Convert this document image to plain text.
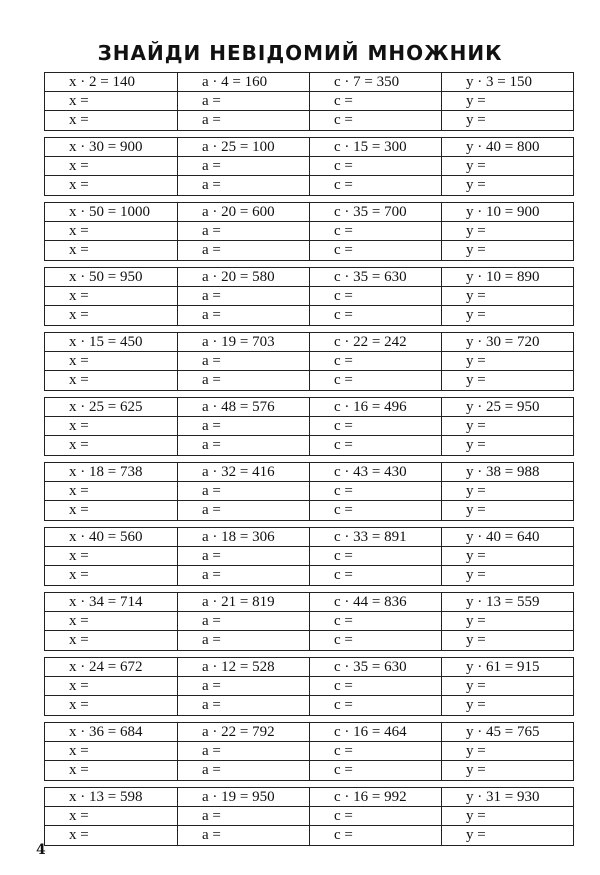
ЗНАЙДИ НЕВІДОМИЙ МНОЖНИК
x · 2 = 140	a · 4 = 160	c · 7 = 350	y · 3 = 150
x =	a =	c =	y =
x =	a =	c =	y =
x · 30 = 900	a · 25 = 100	c · 15 = 300	y · 40 = 800
x =	a =	c =	y =
x =	a =	c =	y =
x · 50 = 1000	a · 20 = 600	c · 35 = 700	y · 10 = 900
x =	a =	c =	y =
x =	a =	c =	y =
x · 50 = 950	a · 20 = 580	c · 35 = 630	y · 10 = 890
x =	a =	c =	y =
x =	a =	c =	y =
x · 15 = 450	a · 19 = 703	c · 22 = 242	y · 30 = 720
x =	a =	c =	y =
x =	a =	c =	y =
x · 25 = 625	a · 48 = 576	c · 16 = 496	y · 25 = 950
x =	a =	c =	y =
x =	a =	c =	y =
x · 18 = 738	a · 32 = 416	c · 43 = 430	y · 38 = 988
x =	a =	c =	y =
x =	a =	c =	y =
x · 40 = 560	a · 18 = 306	c · 33 = 891	y · 40 = 640
x =	a =	c =	y =
x =	a =	c =	y =
x · 34 = 714	a · 21 = 819	c · 44 = 836	y · 13 = 559
x =	a =	c =	y =
x =	a =	c =	y =
x · 24 = 672	a · 12 = 528	c · 35 = 630	y · 61 = 915
x =	a =	c =	y =
x =	a =	c =	y =
x · 36 = 684	a · 22 = 792	c · 16 = 464	y · 45 = 765
x =	a =	c =	y =
x =	a =	c =	y =
x · 13 = 598	a · 19 = 950	c · 16 = 992	y · 31 = 930
x =	a =	c =	y =
x =	a =	c =	y =
4
